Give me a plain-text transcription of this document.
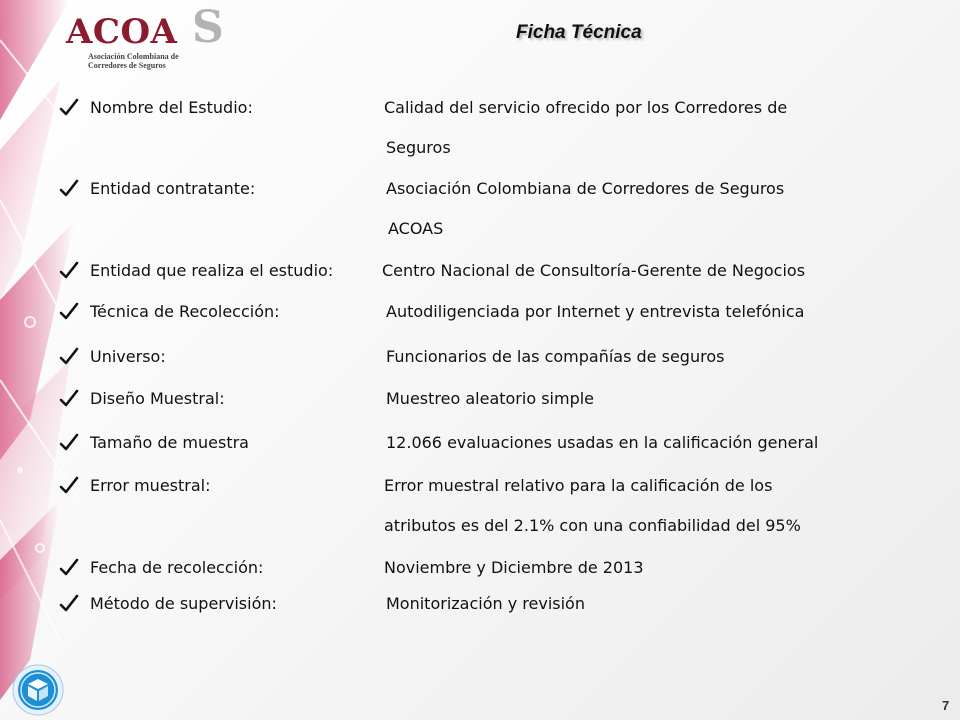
ACOA S
Asociación Colombiana de Corredores de Seguros
Ficha Técnica
Nombre del Estudio:	Calidad del servicio ofrecido por los Corredores de
Seguros
Entidad contratante:	Asociación Colombiana de Corredores de Seguros
ACOAS
Entidad que realiza el estudio:	Centro Nacional de Consultoría-Gerente de Negocios
Técnica de Recolección:	Autodiligenciada por Internet y entrevista telefónica
Universo:	Funcionarios de las compañías de seguros
Diseño Muestral:	Muestreo aleatorio simple
Tamaño de muestra	12.066 evaluaciones usadas en la calificación general
Error muestral:	Error muestral relativo para la calificación de los
atributos es del 2.1% con una confiabilidad del 95%
Fecha de recolección:	Noviembre y Diciembre de 2013
Método de supervisión:	Monitorización y revisión
7
